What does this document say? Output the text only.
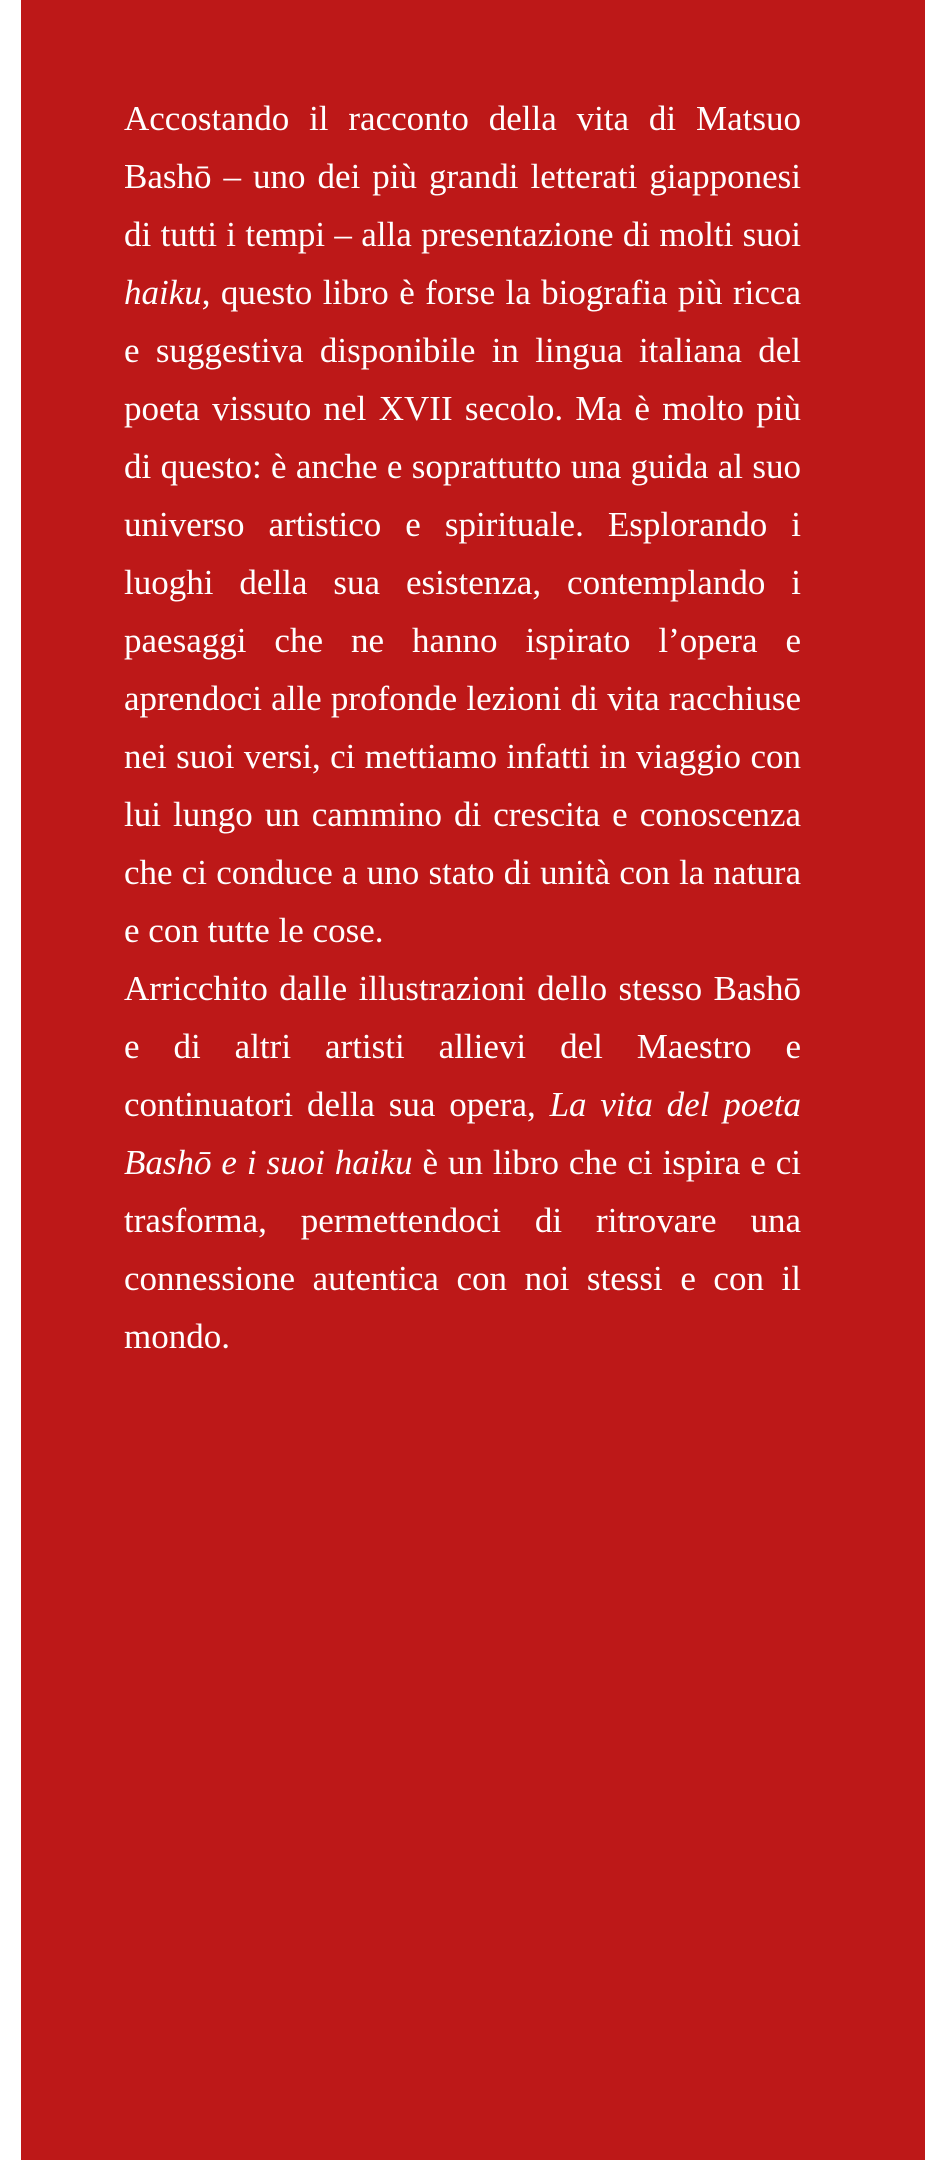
Accostando il racconto della vita di Matsuo Bashō – uno dei più grandi letterati giapponesi di tutti i tempi – alla presentazione di molti suoi haiku, questo libro è forse la biografia più ricca e suggestiva disponibile in lingua italiana del poeta vissuto nel XVII secolo. Ma è molto più di questo: è anche e soprattutto una guida al suo universo artistico e spirituale. Esplorando i luoghi della sua esistenza, contemplando i paesaggi che ne hanno ispirato l’opera e aprendoci alle profonde lezioni di vita racchiuse nei suoi versi, ci mettiamo infatti in viaggio con lui lungo un cammino di crescita e conoscenza che ci conduce a uno stato di unità con la natura e con tutte le cose.

Arricchito dalle illustrazioni dello stesso Bashō e di altri artisti allievi del Maestro e continuatori della sua opera, La vita del poeta Bashō e i suoi haiku è un libro che ci ispira e ci trasforma, permettendoci di ritrovare una connessione autentica con noi stessi e con il mondo.
